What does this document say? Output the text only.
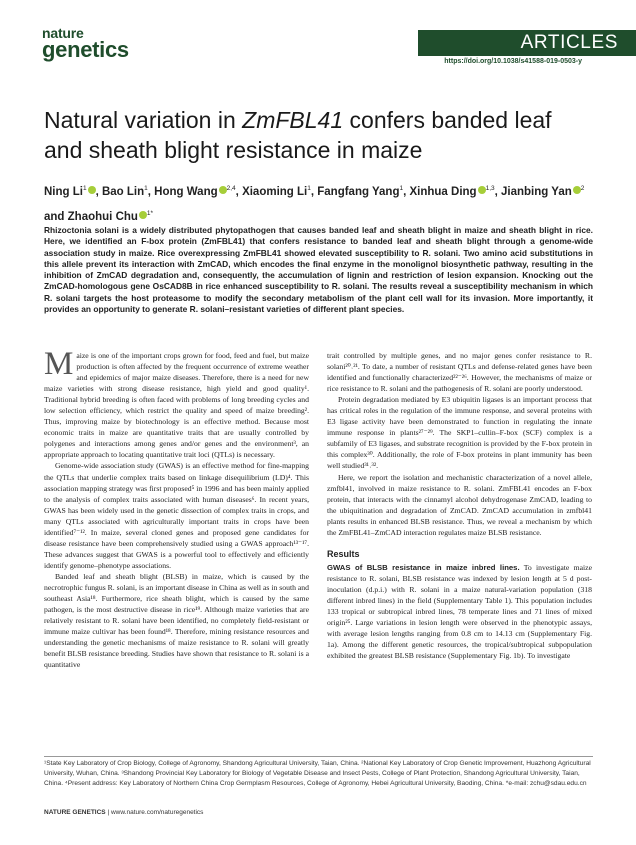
nature
genetics	ARTICLES
https://doi.org/10.1038/s41588-019-0503-y
Natural variation in ZmFBL41 confers banded leaf and sheath blight resistance in maize
Ning Li$^1$ , Bao Lin$^1$, Hong Wang $^{2,4}$, Xiaoming Li$^1$, Fangfang Yang$^1$, Xinhua Ding $^{1,3}$, Jianbing Yan $^2$
and Zhaohui Chu $^{1*}$

Rhizoctonia solani is a widely distributed phytopathogen that causes banded leaf and sheath blight in maize and sheath blight in rice. Here, we identified an F-box protein (ZmFBL41) that confers resistance to banded leaf and sheath blight through a genome-wide association study in maize. Rice overexpressing ZmFBL41 showed elevated susceptibility to R. solani. Two amino acid substitutions in this allele prevent its interaction with ZmCAD, which encodes the final enzyme in the monolignol biosynthetic pathway, resulting in the inhibition of ZmCAD degradation and, consequently, the accumulation of lignin and restriction of lesion expansion. Knocking out the ZmCAD-homologous gene OsCAD8B in rice enhanced susceptibility to R. solani. The results reveal a susceptibility mechanism in which R. solani targets the host proteasome to modify the secondary metabolism of the plant cell wall for its invasion. More importantly, it provides an opportunity to generate R. solani–resistant varieties of different plant species.

Maize is one of the important crops grown for food, feed and fuel, but maize production is often affected by the frequent occurrence of extreme weather and epidemics of major maize diseases. Therefore, there is a need for new maize varieties with strong disease resistance, high yield and good quality¹. Traditional hybrid breeding is often faced with problems of long breeding cycles and low selection efficiency, which restrict the quality and speed of maize breeding². Thus, improving maize by biotechnology is an effective method. Because most economic traits in maize are quantitative traits that are usually controlled by polygenes and interactions among genes and/or genes and the environment³, an appropriate approach to locating quantitative trait loci (QTLs) is necessary.

Genome-wide association study (GWAS) is an effective method for fine-mapping the QTLs that underlie complex traits based on linkage disequilibrium (LD)⁴. This association mapping strategy was first proposed⁵ in 1996 and has been mainly applied to the analysis of complex traits associated with human diseases⁶. In recent years, GWAS has been widely used in the genetic dissection of complex traits in crops, and many QTLs associated with agriculturally important traits in crops have been identified⁷⁻¹². In maize, several cloned genes and proposed gene candidates for disease resistance have been comprehensively studied using a GWAS approach¹³⁻¹⁷. These advances suggest that GWAS is a powerful tool to effectively and efficiently identify genome–phenotype associations.

Banded leaf and sheath blight (BLSB) in maize, which is caused by the necrotrophic fungus R. solani, is an important disease in China as well as in south and southeast Asia¹⁸. Furthermore, rice sheath blight, which is caused by the same pathogen, is the most destructive disease in rice¹⁹. Although maize varieties that are relatively resistant to R. solani have been identified, no completely field-resistant or immune maize cultivar has been found¹⁸. Therefore, mining resistance resources and understanding the genetic mechanisms of maize resistance to R. solani will greatly benefit BLSB resistance breeding. Studies have shown that resistance to R. solani is a quantitative

trait controlled by multiple genes, and no major genes confer resistance to R. solani²⁰˒²¹. To date, a number of resistant QTLs and defense-related genes have been identified and functionally characterized²²⁻²⁶. However, the mechanisms of maize or rice resistance to R. solani and the pathogenesis of R. solani are poorly understood.

Protein degradation mediated by E3 ubiquitin ligases is an important process that has critical roles in the regulation of the immune response, and several proteins with E3 ligase activity have been demonstrated to function in regulating the innate immune response in plants²⁷⁻²⁹. The SKP1–cullin–F-box (SCF) complex is a subfamily of E3 ligases, and substrate recognition is provided by the F-box protein in this complex³⁰. Additionally, the role of F-box proteins in plant immunity has been well studied³¹˒³².

Here, we report the isolation and mechanistic characterization of a novel allele, zmfbl41, involved in maize resistance to R. solani. ZmFBL41 encodes an F-box protein, that interacts with the cinnamyl alcohol dehydrogenase ZmCAD, leading to the ubiquitination and degradation of ZmCAD. ZmCAD accumulation in zmfbl41 plants results in enhanced BLSB resistance. Thus, we reveal a mechanism by which the ZmFBL41–ZmCAD interaction regulates maize BLSB resistance.

Results

GWAS of BLSB resistance in maize inbred lines. To investigate maize resistance to R. solani, BLSB resistance was indexed by lesion length at 5 d post-inoculation (d.p.i.) with R. solani in a maize natural-variation population (318 different inbred lines) in the field (Supplementary Table 1). This population includes 133 tropical or subtropical inbred lines, 78 temperate lines and 71 lines of mixed origin²⁵. Large variations in lesion length were observed in the phenotypic assays, with average lesion lengths ranging from 0.8 cm to 14.13 cm (Supplementary Fig. 1a). Among the different genetic resources, the tropical/subtropical subpopulation exhibited the greatest BLSB resistance (Supplementary Fig. 1b). To investigate

¹State Key Laboratory of Crop Biology, College of Agronomy, Shandong Agricultural University, Taian, China. ²National Key Laboratory of Crop Genetic Improvement, Huazhong Agricultural University, Wuhan, China. ³Shandong Provincial Key Laboratory for Biology of Vegetable Disease and Insect Pests, College of Plant Protection, Shandong Agricultural University, Taian, China. ⁴Present address: Key Laboratory of Northern China Crop Germplasm Resources, College of Agronomy, Hebei Agricultural University, Baoding, China. *e-mail: zchu@sdau.edu.cn

NATURE GENETICS | www.nature.com/naturegenetics
